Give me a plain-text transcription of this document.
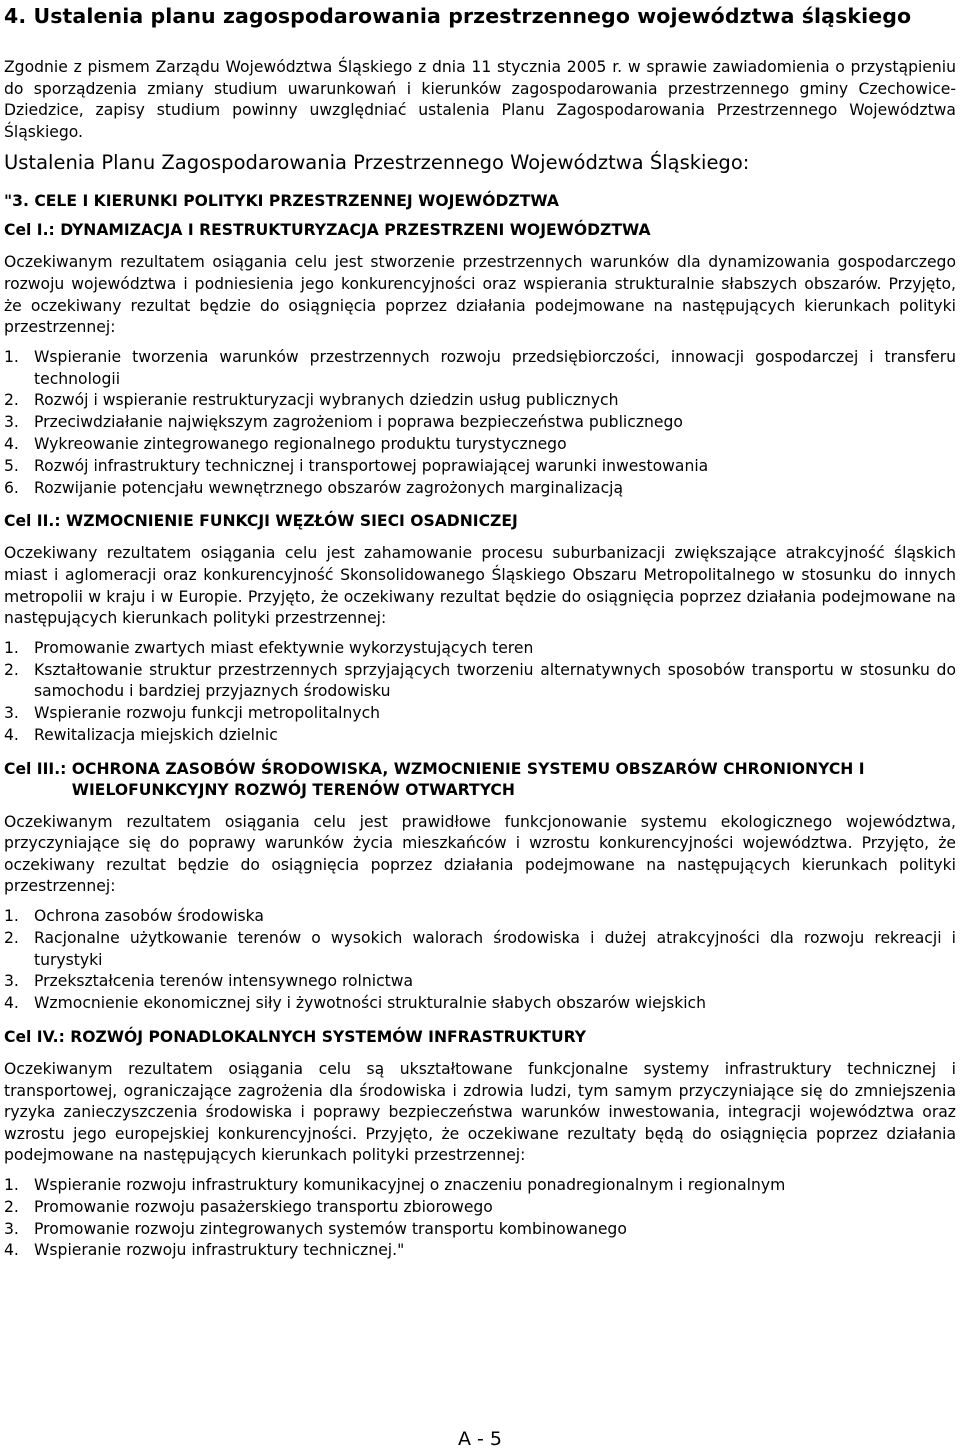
4. Ustalenia planu zagospodarowania przestrzennego województwa śląskiego

Zgodnie z pismem Zarządu Województwa Śląskiego z dnia 11 stycznia 2005 r. w sprawie zawiadomienia o przystąpieniu do sporządzenia zmiany studium uwarunkowań i kierunków zagospodarowania przestrzennego gminy Czechowice-Dziedzice, zapisy studium powinny uwzględniać ustalenia Planu Zagospodarowania Przestrzennego Województwa Śląskiego.

Ustalenia Planu Zagospodarowania Przestrzennego Województwa Śląskiego:
"3. CELE I KIERUNKI POLITYKI PRZESTRZENNEJ WOJEWÓDZTWA
Cel I.: DYNAMIZACJA I RESTRUKTURYZACJA PRZESTRZENI WOJEWÓDZTWA

Oczekiwanym rezultatem osiągania celu jest stworzenie przestrzennych warunków dla dynamizowania gospodarczego rozwoju województwa i podniesienia jego konkurencyjności oraz wspierania strukturalnie słabszych obszarów. Przyjęto, że oczekiwany rezultat będzie do osiągnięcia poprzez działania podejmowane na następujących kierunkach polityki przestrzennej:

1. Wspieranie tworzenia warunków przestrzennych rozwoju przedsiębiorczości, innowacji gospodarczej i transferu technologii
2. Rozwój i wspieranie restrukturyzacji wybranych dziedzin usług publicznych
3. Przeciwdziałanie największym zagrożeniom i poprawa bezpieczeństwa publicznego
4. Wykreowanie zintegrowanego regionalnego produktu turystycznego
5. Rozwój infrastruktury technicznej i transportowej poprawiającej warunki inwestowania
6. Rozwijanie potencjału wewnętrznego obszarów zagrożonych marginalizacją
Cel II.: WZMOCNIENIE FUNKCJI WĘZŁÓW SIECI OSADNICZEJ

Oczekiwany rezultatem osiągania celu jest zahamowanie procesu suburbanizacji zwiększające atrakcyjność śląskich miast i aglomeracji oraz konkurencyjność Skonsolidowanego Śląskiego Obszaru Metropolitalnego w stosunku do innych metropolii w kraju i w Europie. Przyjęto, że oczekiwany rezultat będzie do osiągnięcia poprzez działania podejmowane na następujących kierunkach polityki przestrzennej:

1. Promowanie zwartych miast efektywnie wykorzystujących teren
2. Kształtowanie struktur przestrzennych sprzyjających tworzeniu alternatywnych sposobów transportu w stosunku do samochodu i bardziej przyjaznych środowisku
3. Wspieranie rozwoju funkcji metropolitalnych
4. Rewitalizacja miejskich dzielnic
Cel III.: OCHRONA ZASOBÓW ŚRODOWISKA, WZMOCNIENIE SYSTEMU OBSZARÓW CHRONIONYCH I WIELOFUNKCYJNY ROZWÓJ TERENÓW OTWARTYCH

Oczekiwanym rezultatem osiągania celu jest prawidłowe funkcjonowanie systemu ekologicznego województwa, przyczyniające się do poprawy warunków życia mieszkańców i wzrostu konkurencyjności województwa. Przyjęto, że oczekiwany rezultat będzie do osiągnięcia poprzez działania podejmowane na następujących kierunkach polityki przestrzennej:

1. Ochrona zasobów środowiska
2. Racjonalne użytkowanie terenów o wysokich walorach środowiska i dużej atrakcyjności dla rozwoju rekreacji i turystyki
3. Przekształcenia terenów intensywnego rolnictwa
4. Wzmocnienie ekonomicznej siły i żywotności strukturalnie słabych obszarów wiejskich
Cel IV.: ROZWÓJ PONADLOKALNYCH SYSTEMÓW INFRASTRUKTURY

Oczekiwanym rezultatem osiągania celu są ukształtowane funkcjonalne systemy infrastruktury technicznej i transportowej, ograniczające zagrożenia dla środowiska i zdrowia ludzi, tym samym przyczyniające się do zmniejszenia ryzyka zanieczyszczenia środowiska i poprawy bezpieczeństwa warunków inwestowania, integracji województwa oraz wzrostu jego europejskiej konkurencyjności. Przyjęto, że oczekiwane rezultaty będą do osiągnięcia poprzez działania podejmowane na następujących kierunkach polityki przestrzennej:

1. Wspieranie rozwoju infrastruktury komunikacyjnej o znaczeniu ponadregionalnym i regionalnym
2. Promowanie rozwoju pasażerskiego transportu zbiorowego
3. Promowanie rozwoju zintegrowanych systemów transportu kombinowanego
4. Wspieranie rozwoju infrastruktury technicznej."
A - 5
